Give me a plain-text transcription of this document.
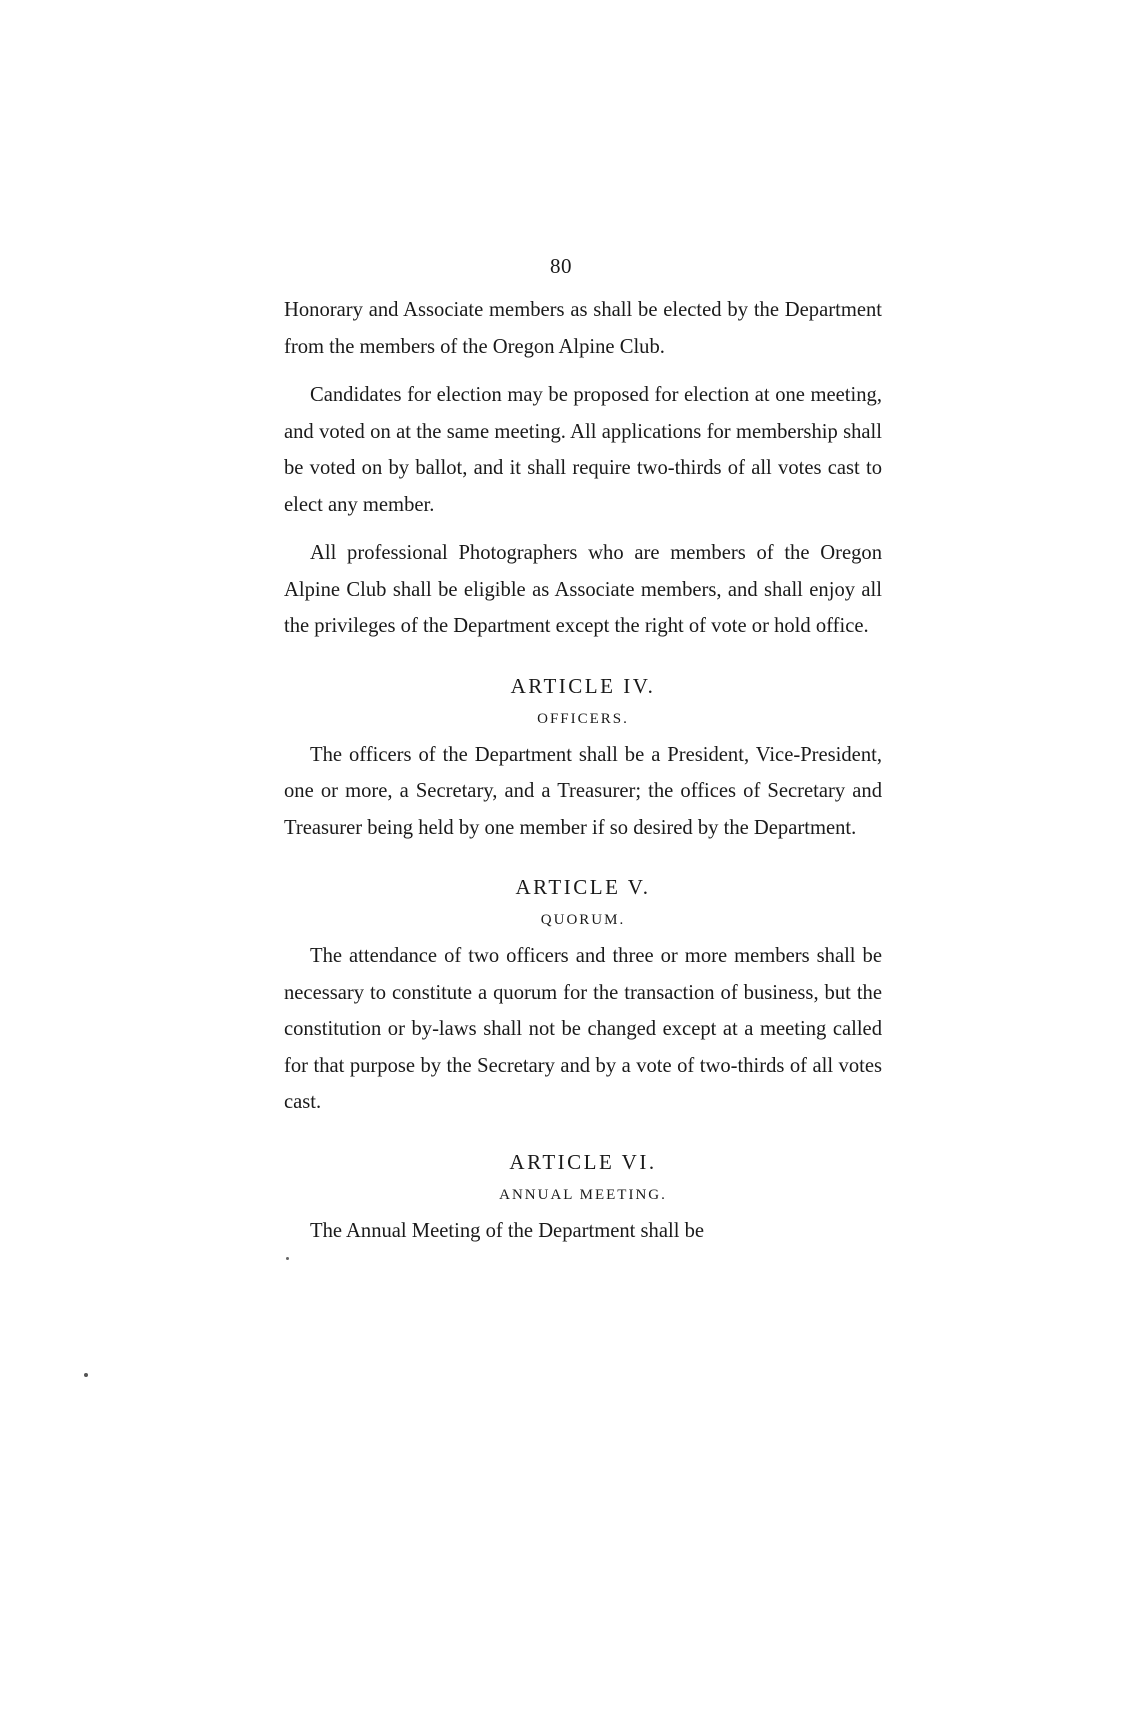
80

Honorary and Associate members as shall be elected by the Department from the members of the Oregon Alpine Club.

Candidates for election may be proposed for election at one meeting, and voted on at the same meeting. All applications for membership shall be voted on by ballot, and it shall require two-thirds of all votes cast to elect any member.

All professional Photographers who are members of the Oregon Alpine Club shall be eligible as Associate members, and shall enjoy all the privileges of the Department except the right of vote or hold office.

ARTICLE IV.
OFFICERS.

The officers of the Department shall be a President, Vice-President, one or more, a Secretary, and a Treasurer; the offices of Secretary and Treasurer being held by one member if so desired by the Department.

ARTICLE V.
QUORUM.

The attendance of two officers and three or more members shall be necessary to constitute a quorum for the transaction of business, but the constitution or by-laws shall not be changed except at a meeting called for that purpose by the Secretary and by a vote of two-thirds of all votes cast.

ARTICLE VI.
ANNUAL MEETING.

The Annual Meeting of the Department shall be
